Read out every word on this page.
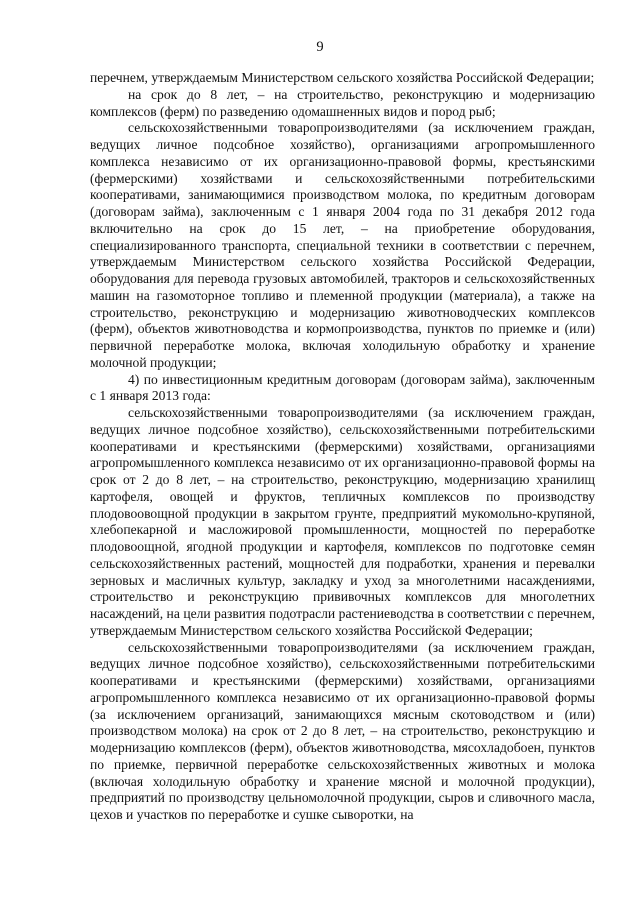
9

перечнем, утверждаемым Министерством сельского хозяйства Российской Федерации;

на срок до 8 лет, – на строительство, реконструкцию и модернизацию комплексов (ферм) по разведению одомашненных видов и пород рыб;

сельскохозяйственными товаропроизводителями (за исключением граждан, ведущих личное подсобное хозяйство), организациями агропромышленного комплекса независимо от их организационно-правовой формы, крестьянскими (фермерскими) хозяйствами и сельскохозяйственными потребительскими кооперативами, занимающимися производством молока, по кредитным договорам (договорам займа), заключенным с 1 января 2004 года по 31 декабря 2012 года включительно на срок до 15 лет, – на приобретение оборудования, специализированного транспорта, специальной техники в соответствии с перечнем, утверждаемым Министерством сельского хозяйства Российской Федерации, оборудования для перевода грузовых автомобилей, тракторов и сельскохозяйственных машин на газомоторное топливо и племенной продукции (материала), а также на строительство, реконструкцию и модернизацию животноводческих комплексов (ферм), объектов животноводства и кормопроизводства, пунктов по приемке и (или) первичной переработке молока, включая холодильную обработку и хранение молочной продукции;

4) по инвестиционным кредитным договорам (договорам займа), заключенным с 1 января 2013 года:

сельскохозяйственными товаропроизводителями (за исключением граждан, ведущих личное подсобное хозяйство), сельскохозяйственными потребительскими кооперативами и крестьянскими (фермерскими) хозяйствами, организациями агропромышленного комплекса независимо от их организационно-правовой формы на срок от 2 до 8 лет, – на строительство, реконструкцию, модернизацию хранилищ картофеля, овощей и фруктов, тепличных комплексов по производству плодовоовощной продукции в закрытом грунте, предприятий мукомольно-крупяной, хлебопекарной и масложировой промышленности, мощностей по переработке плодовоощной, ягодной продукции и картофеля, комплексов по подготовке семян сельскохозяйственных растений, мощностей для подработки, хранения и перевалки зерновых и масличных культур, закладку и уход за многолетними насаждениями, строительство и реконструкцию прививочных комплексов для многолетних насаждений, на цели развития подотрасли растениеводства в соответствии с перечнем, утверждаемым Министерством сельского хозяйства Российской Федерации;

сельскохозяйственными товаропроизводителями (за исключением граждан, ведущих личное подсобное хозяйство), сельскохозяйственными потребительскими кооперативами и крестьянскими (фермерскими) хозяйствами, организациями агропромышленного комплекса независимо от их организационно-правовой формы (за исключением организаций, занимающихся мясным скотоводством и (или) производством молока) на срок от 2 до 8 лет, – на строительство, реконструкцию и модернизацию комплексов (ферм), объектов животноводства, мясохладобоен, пунктов по приемке, первичной переработке сельскохозяйственных животных и молока (включая холодильную обработку и хранение мясной и молочной продукции), предприятий по производству цельномолочной продукции, сыров и сливочного масла, цехов и участков по переработке и сушке сыворотки, на
